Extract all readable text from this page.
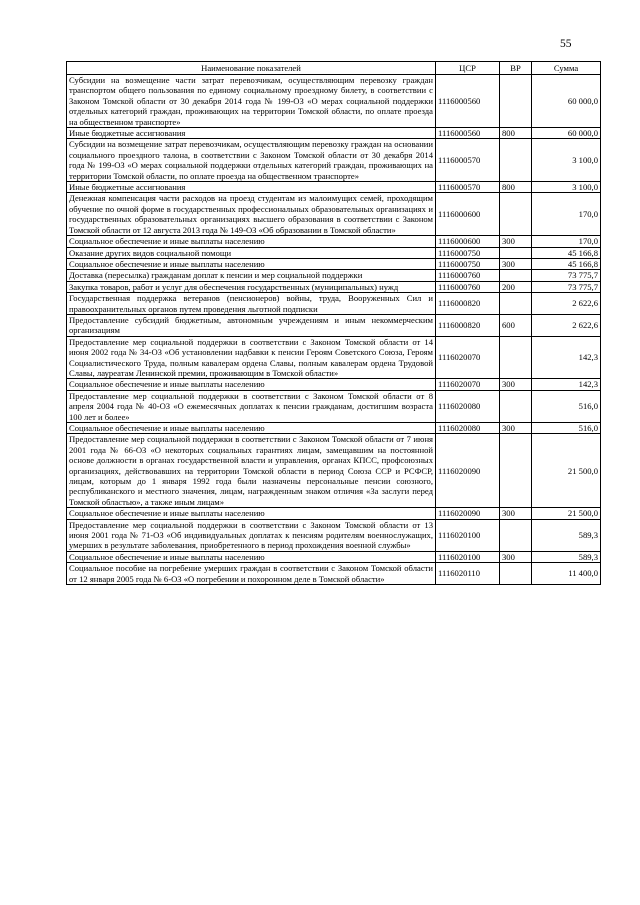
55
Наименование показателей	ЦСР	ВР	Сумма
Субсидии на возмещение части затрат перевозчикам, осуществляющим перевозку граждан транспортом общего пользования по единому социальному проездному билету, в соответствии с Законом Томской области от 30 декабря 2014 года № 199-ОЗ «О мерах социальной поддержки отдельных категорий граждан, проживающих на территории Томской области, по оплате проезда на общественном транспорте»	1116000560		60 000,0
Иные бюджетные ассигнования	1116000560	800	60 000,0
Субсидии на возмещение затрат перевозчикам, осуществляющим перевозку граждан на основании социального проездного талона, в соответствии с Законом Томской области от 30 декабря 2014 года № 199-ОЗ «О мерах социальной поддержки отдельных категорий граждан, проживающих на территории Томской области, по оплате проезда на общественном транспорте»	1116000570		3 100,0
Иные бюджетные ассигнования	1116000570	800	3 100,0
Денежная компенсация части расходов на проезд студентам из малоимущих семей, проходящим обучение по очной форме в государственных профессиональных образовательных организациях и государственных образовательных организациях высшего образования в соответствии с Законом Томской области от 12 августа 2013 года № 149-ОЗ «Об образовании в Томской области»	1116000600		170,0
Социальное обеспечение и иные выплаты населению	1116000600	300	170,0
Оказание других видов социальной помощи	1116000750		45 166,8
Социальное обеспечение и иные выплаты населению	1116000750	300	45 166,8
Доставка (пересылка) гражданам доплат к пенсии и мер социальной поддержки	1116000760		73 775,7
Закупка товаров, работ и услуг для обеспечения государственных (муниципальных) нужд	1116000760	200	73 775,7
Государственная поддержка ветеранов (пенсионеров) войны, труда, Вооруженных Сил и правоохранительных органов путем проведения льготной подписки	1116000820		2 622,6
Предоставление субсидий бюджетным, автономным учреждениям и иным некоммерческим организациям	1116000820	600	2 622,6
Предоставление мер социальной поддержки в соответствии с Законом Томской области от 14 июня 2002 года № 34-ОЗ «Об установлении надбавки к пенсии Героям Советского Союза, Героям Социалистического Труда, полным кавалерам ордена Славы, полным кавалерам ордена Трудовой Славы, лауреатам Ленинской премии, проживающим в Томской области»	1116020070		142,3
Социальное обеспечение и иные выплаты населению	1116020070	300	142,3
Предоставление мер социальной поддержки в соответствии с Законом Томской области от 8 апреля 2004 года № 40-ОЗ «О ежемесячных доплатах к пенсии гражданам, достигшим возраста 100 лет и более»	1116020080		516,0
Социальное обеспечение и иные выплаты населению	1116020080	300	516,0
Предоставление мер социальной поддержки в соответствии с Законом Томской области от 7 июня 2001 года № 66-ОЗ «О некоторых социальных гарантиях лицам, замещавшим на постоянной основе должности в органах государственной власти и управления, органах КПСС, профсоюзных организациях, действовавших на территории Томской области в период Союза ССР и РСФСР, лицам, которым до 1 января 1992 года были назначены персональные пенсии союзного, республиканского и местного значения, лицам, награжденным знаком отличия «За заслуги перед Томской областью», а также иным лицам»	1116020090		21 500,0
Социальное обеспечение и иные выплаты населению	1116020090	300	21 500,0
Предоставление мер социальной поддержки в соответствии с Законом Томской области от 13 июня 2001 года № 71-ОЗ «Об индивидуальных доплатах к пенсиям родителям военнослужащих, умерших в результате заболевания, приобретенного в период прохождения военной службы»	1116020100		589,3
Социальное обеспечение и иные выплаты населению	1116020100	300	589,3
Социальное пособие на погребение умерших граждан в соответствии с Законом Томской области от 12 января 2005 года № 6-ОЗ «О погребении и похоронном деле в Томской области»	1116020110		11 400,0
